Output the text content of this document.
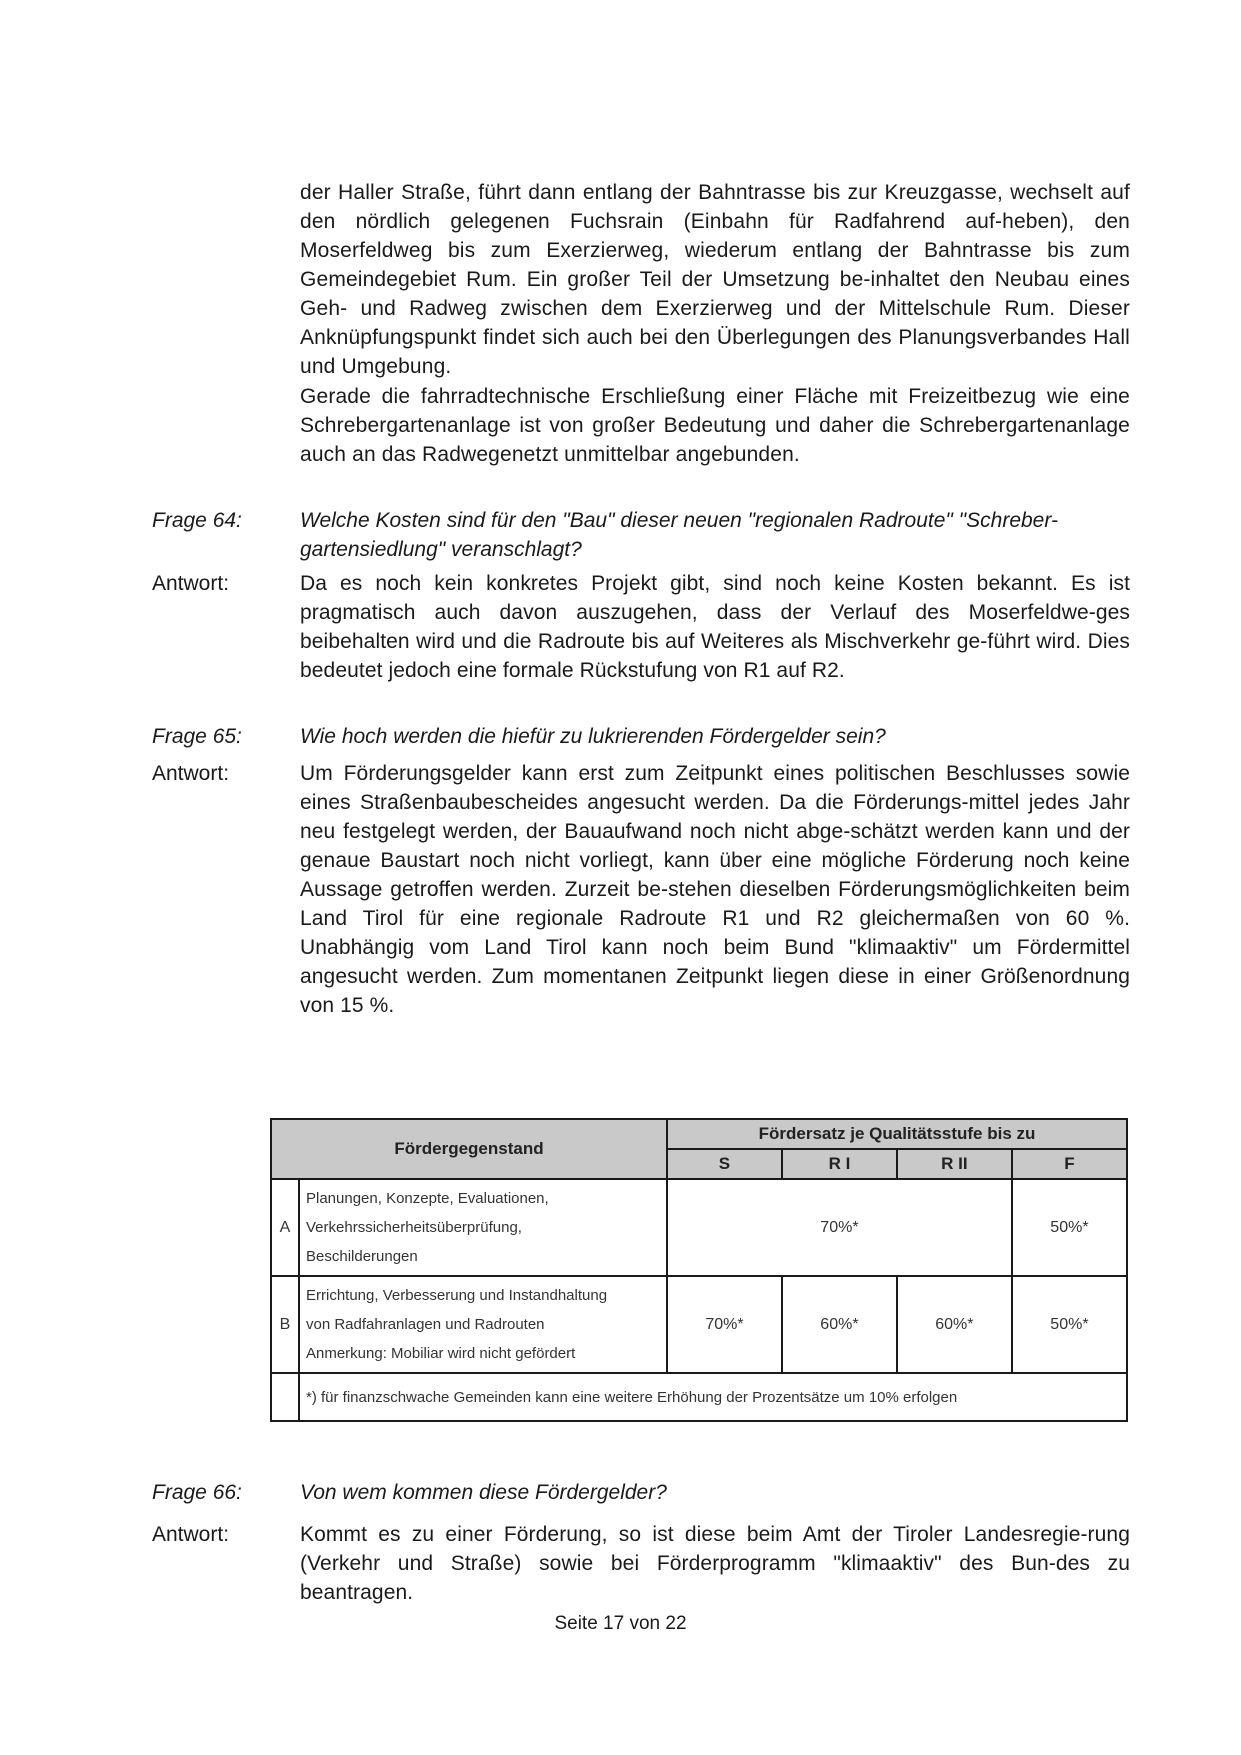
der Haller Straße, führt dann entlang der Bahntrasse bis zur Kreuzgasse, wechselt auf den nördlich gelegenen Fuchsrain (Einbahn für Radfahrend auf-heben), den Moserfeldweg bis zum Exerzierweg, wiederum entlang der Bahntrasse bis zum Gemeindegebiet Rum. Ein großer Teil der Umsetzung be-inhaltet den Neubau eines Geh- und Radweg zwischen dem Exerzierweg und der Mittelschule Rum. Dieser Anknüpfungspunkt findet sich auch bei den Überlegungen des Planungsverbandes Hall und Umgebung.

Gerade die fahrradtechnische Erschließung einer Fläche mit Freizeitbezug wie eine Schrebergartenanlage ist von großer Bedeutung und daher die Schrebergartenanlage auch an das Radwegenetzt unmittelbar angebunden.

Frage 64:	Welche Kosten sind für den "Bau" dieser neuen "regionalen Radroute" "Schreber-gartensiedlung" veranschlagt?
Antwort:	Da es noch kein konkretes Projekt gibt, sind noch keine Kosten bekannt. Es ist pragmatisch auch davon auszugehen, dass der Verlauf des Moserfeldwe-ges beibehalten wird und die Radroute bis auf Weiteres als Mischverkehr ge-führt wird. Dies bedeutet jedoch eine formale Rückstufung von R1 auf R2.
Frage 65:	Wie hoch werden die hiefür zu lukrierenden Fördergelder sein?
Antwort:	Um Förderungsgelder kann erst zum Zeitpunkt eines politischen Beschlusses sowie eines Straßenbaubescheides angesucht werden. Da die Förderungs-mittel jedes Jahr neu festgelegt werden, der Bauaufwand noch nicht abge-schätzt werden kann und der genaue Baustart noch nicht vorliegt, kann über eine mögliche Förderung noch keine Aussage getroffen werden. Zurzeit be-stehen dieselben Förderungsmöglichkeiten beim Land Tirol für eine regionale Radroute R1 und R2 gleichermaßen von 60 %. Unabhängig vom Land Tirol kann noch beim Bund "klimaaktiv" um Fördermittel angesucht werden. Zum momentanen Zeitpunkt liegen diese in einer Größenordnung von 15 %.
Fördergegenstand		Fördersatz je Qualitätsstufe bis zu			
		S	R I	R II	F
A	Planungen, Konzepte, Evaluationen,
Verkehrssicherheitsüberprüfung,
Beschilderungen	70%*			50%*
B	Errichtung, Verbesserung und Instandhaltung
von Radfahranlagen und Radrouten
Anmerkung: Mobiliar wird nicht gefördert	70%*	60%*	60%*	50%*
	*) für finanzschwache Gemeinden kann eine weitere Erhöhung der Prozentsätze um 10% erfolgen				
Frage 66:	Von wem kommen diese Fördergelder?
Antwort:	Kommt es zu einer Förderung, so ist diese beim Amt der Tiroler Landesregie-rung (Verkehr und Straße) sowie bei Förderprogramm "klimaaktiv" des Bun-des zu beantragen.
Seite 17 von 22
